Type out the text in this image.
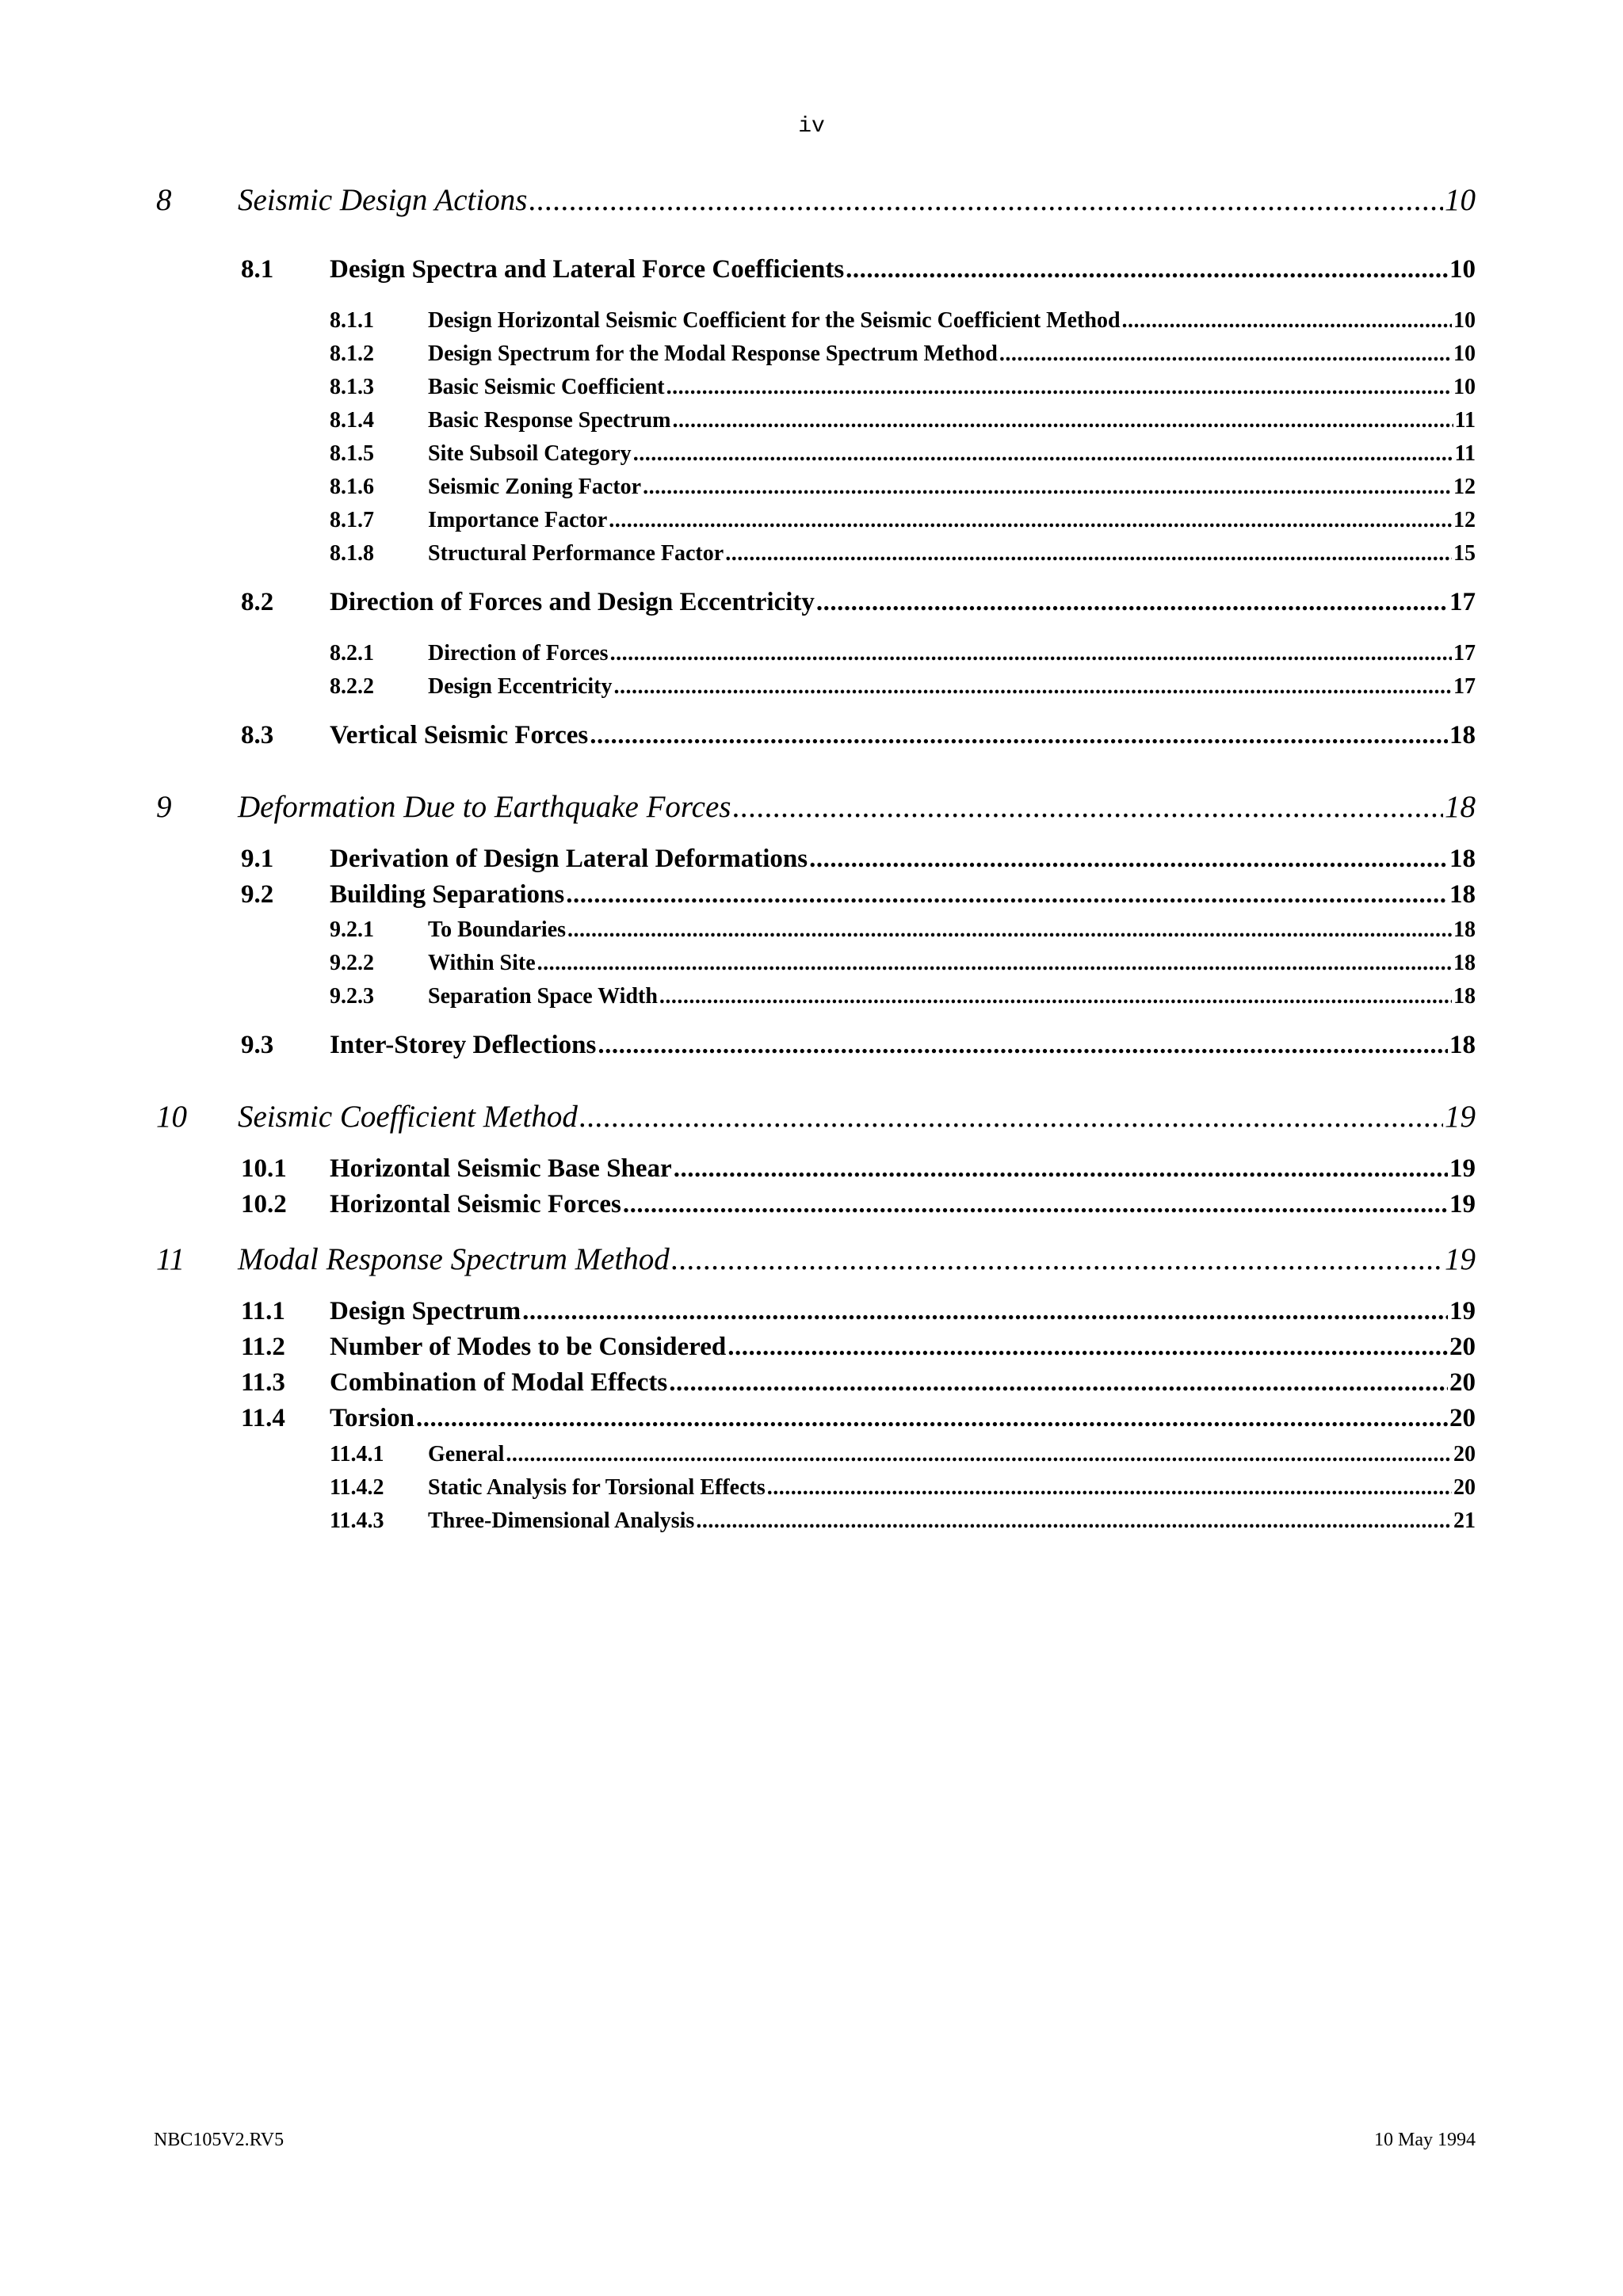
iv
8 Seismic Design Actions .....	10
8.1 Design Spectra and Lateral Force Coefficients .....	10
8.1.1 Design Horizontal Seismic Coefficient for the Seismic Coefficient Method .....	10
8.1.2 Design Spectrum for the Modal Response Spectrum Method .....	10
8.1.3 Basic Seismic Coefficient .....	10
8.1.4 Basic Response Spectrum .....	11
8.1.5 Site Subsoil Category .....	11
8.1.6 Seismic Zoning Factor .....	12
8.1.7 Importance Factor .....	12
8.1.8 Structural Performance Factor .....	15
8.2 Direction of Forces and Design Eccentricity .....	17
8.2.1 Direction of Forces .....	17
8.2.2 Design Eccentricity .....	17
8.3 Vertical Seismic Forces .....	18
9 Deformation Due to Earthquake Forces .....	18
9.1 Derivation of Design Lateral Deformations .....	18
9.2 Building Separations .....	18
9.2.1 To Boundaries .....	18
9.2.2 Within Site .....	18
9.2.3 Separation Space Width .....	18
9.3 Inter-Storey Deflections .....	18
10 Seismic Coefficient Method .....	19
10.1 Horizontal Seismic Base Shear .....	19
10.2 Horizontal Seismic Forces .....	19
11 Modal Response Spectrum Method .....	19
11.1 Design Spectrum .....	19
11.2 Number of Modes to be Considered .....	20
11.3 Combination of Modal Effects .....	20
11.4 Torsion .....	20
11.4.1 General .....	20
11.4.2 Static Analysis for Torsional Effects .....	20
11.4.3 Three-Dimensional Analysis .....	21
NBC105V2.RV5	10 May 1994
